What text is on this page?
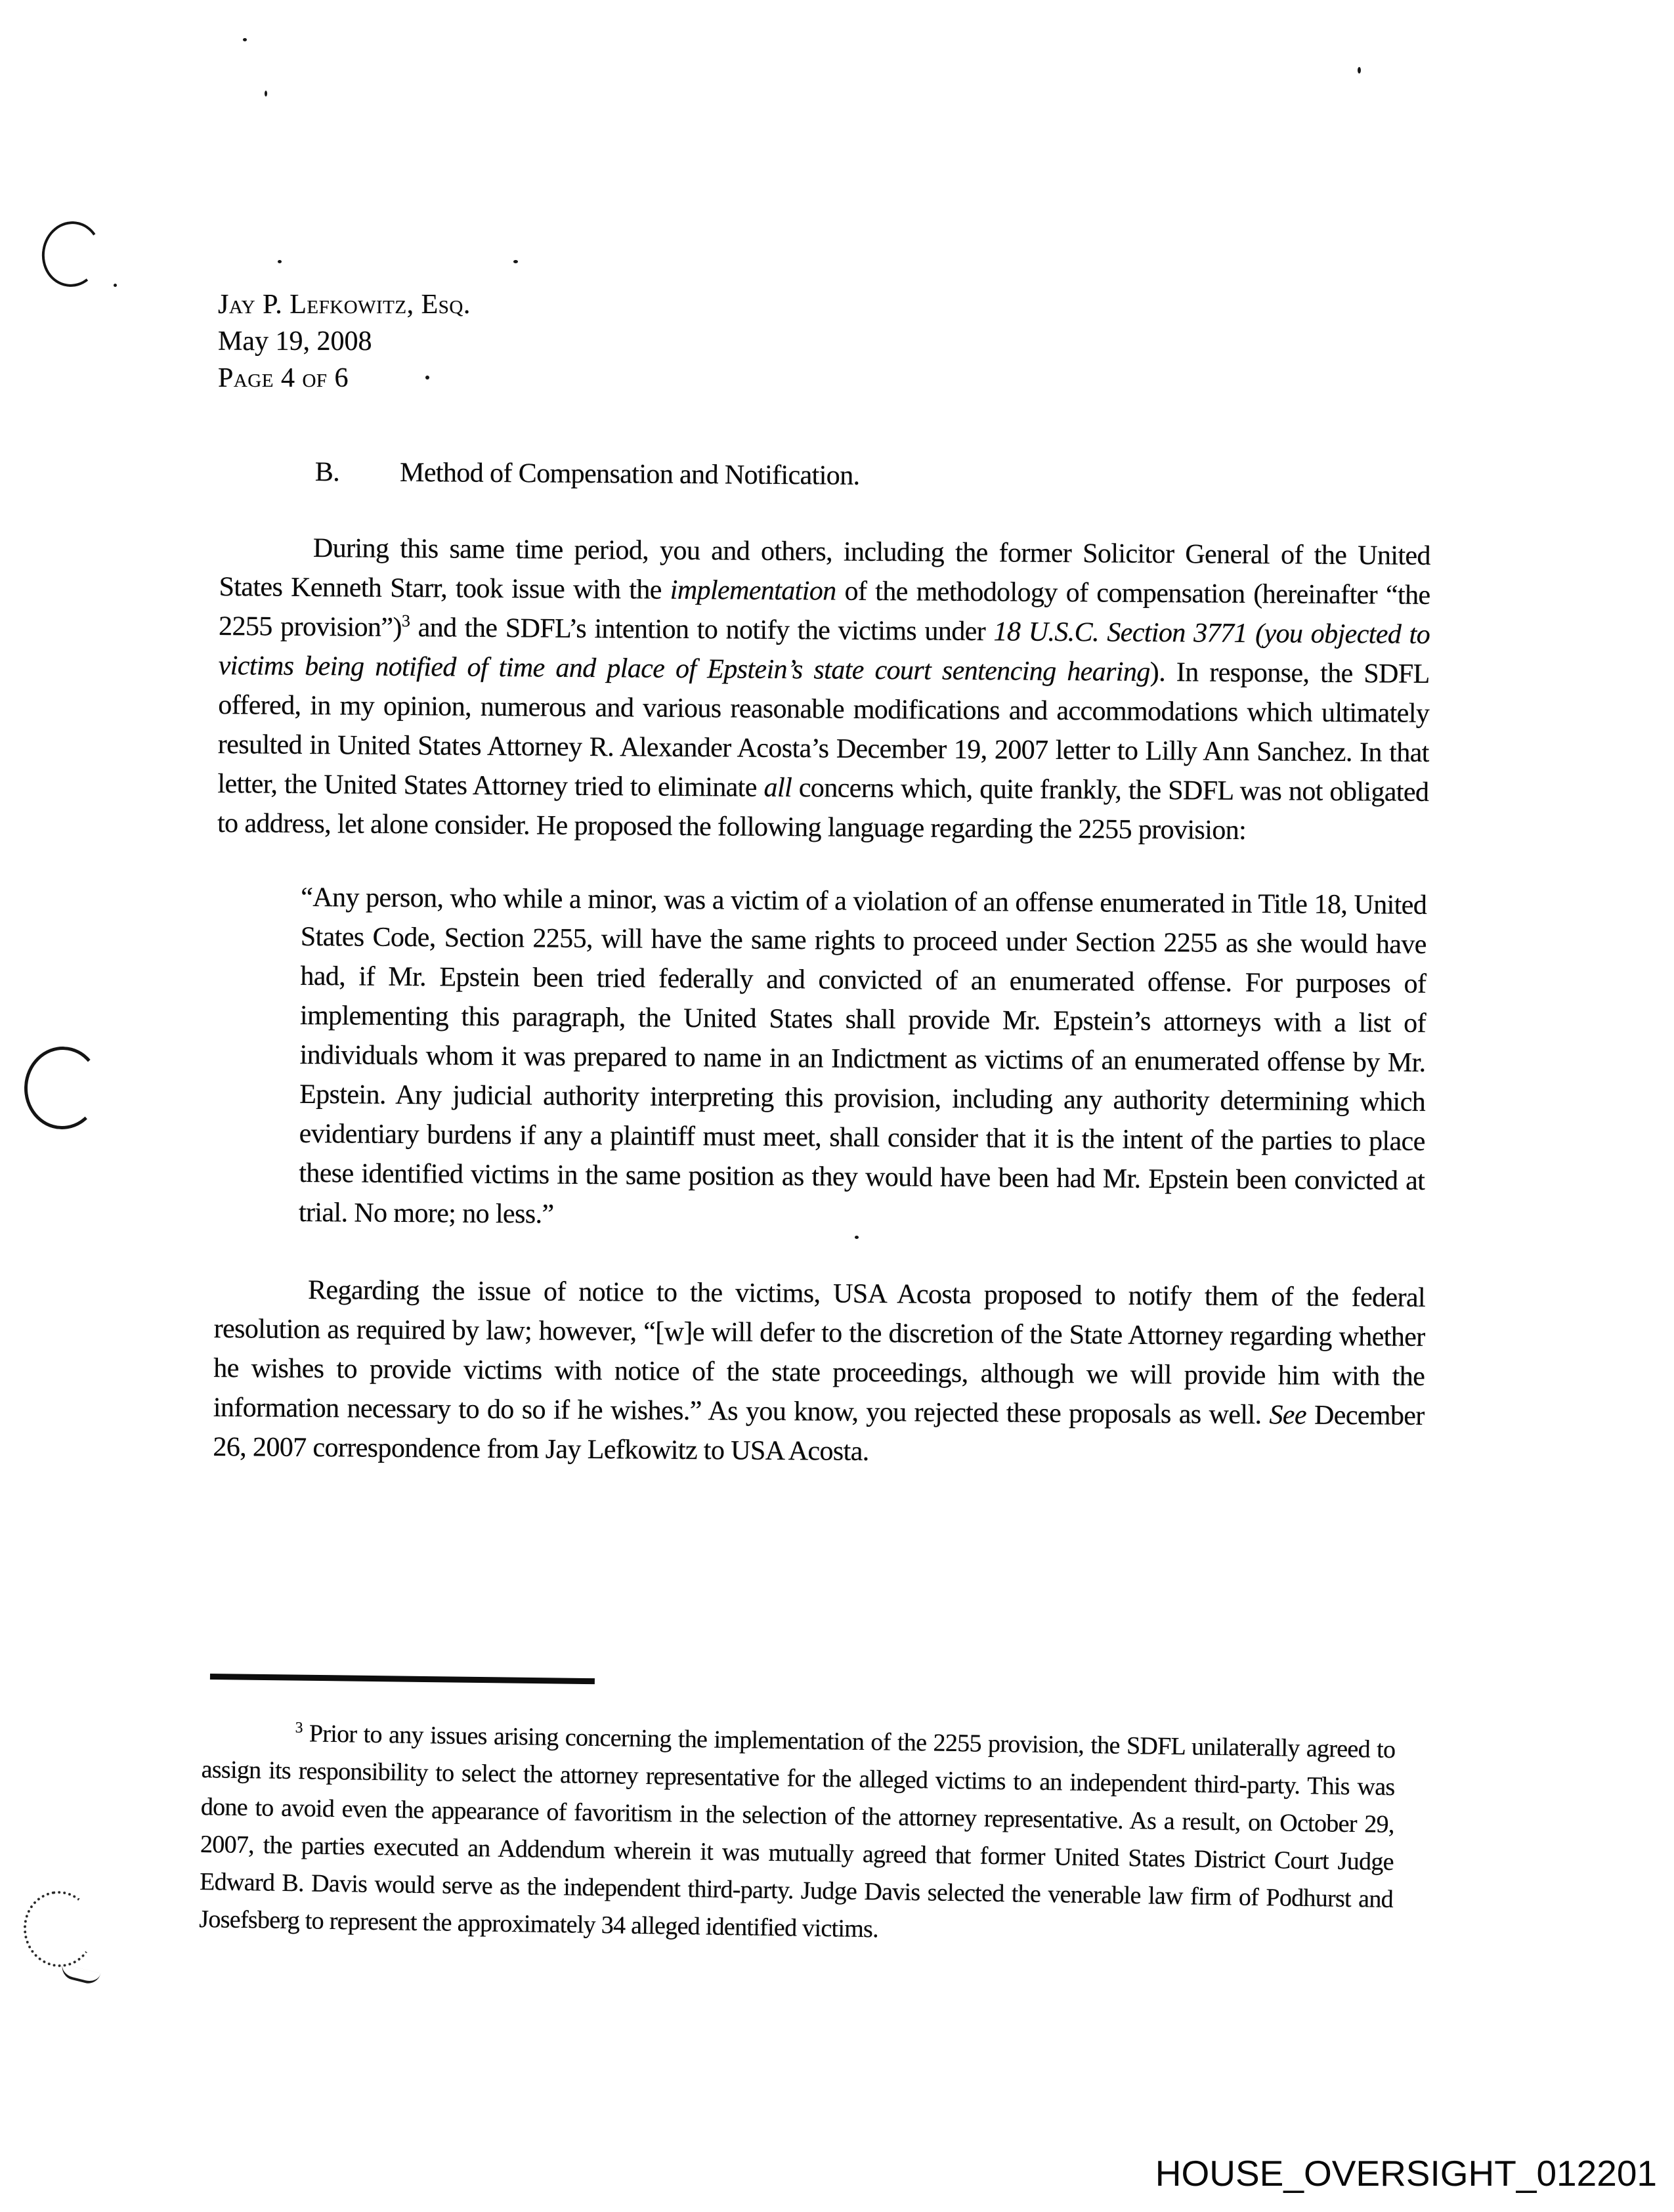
Jay P. Lefkowitz, Esq.
May 19, 2008
Page 4 of 6
B. Method of Compensation and Notification.

During this same time period, you and others, including the former Solicitor General of the United States Kenneth Starr, took issue with the implementation of the methodology of compensation (hereinafter “the 2255 provision”)$^3$ and the SDFL’s intention to notify the victims under 18 U.S.C. Section 3771 (you objected to victims being notified of time and place of Epstein’s state court sentencing hearing). In response, the SDFL offered, in my opinion, numerous and various reasonable modifications and accommodations which ultimately resulted in United States Attorney R. Alexander Acosta’s December 19, 2007 letter to Lilly Ann Sanchez. In that letter, the United States Attorney tried to eliminate all concerns which, quite frankly, the SDFL was not obligated to address, let alone consider. He proposed the following language regarding the 2255 provision:

“Any person, who while a minor, was a victim of a violation of an offense enumerated in Title 18, United States Code, Section 2255, will have the same rights to proceed under Section 2255 as she would have had, if Mr. Epstein been tried federally and convicted of an enumerated offense. For purposes of implementing this paragraph, the United States shall provide Mr. Epstein’s attorneys with a list of individuals whom it was prepared to name in an Indictment as victims of an enumerated offense by Mr. Epstein. Any judicial authority interpreting this provision, including any authority determining which evidentiary burdens if any a plaintiff must meet, shall consider that it is the intent of the parties to place these identified victims in the same position as they would have been had Mr. Epstein been convicted at trial. No more; no less.”

Regarding the issue of notice to the victims, USA Acosta proposed to notify them of the federal resolution as required by law; however, “[w]e will defer to the discretion of the State Attorney regarding whether he wishes to provide victims with notice of the state proceedings, although we will provide him with the information necessary to do so if he wishes.” As you know, you rejected these proposals as well. See December 26, 2007 correspondence from Jay Lefkowitz to USA Acosta.

$^3$ Prior to any issues arising concerning the implementation of the 2255 provision, the SDFL unilaterally agreed to assign its responsibility to select the attorney representative for the alleged victims to an independent third-party. This was done to avoid even the appearance of favoritism in the selection of the attorney representative. As a result, on October 29, 2007, the parties executed an Addendum wherein it was mutually agreed that former United States District Court Judge Edward B. Davis would serve as the independent third-party. Judge Davis selected the venerable law firm of Podhurst and Josefsberg to represent the approximately 34 alleged identified victims.
HOUSE_OVERSIGHT_012201
